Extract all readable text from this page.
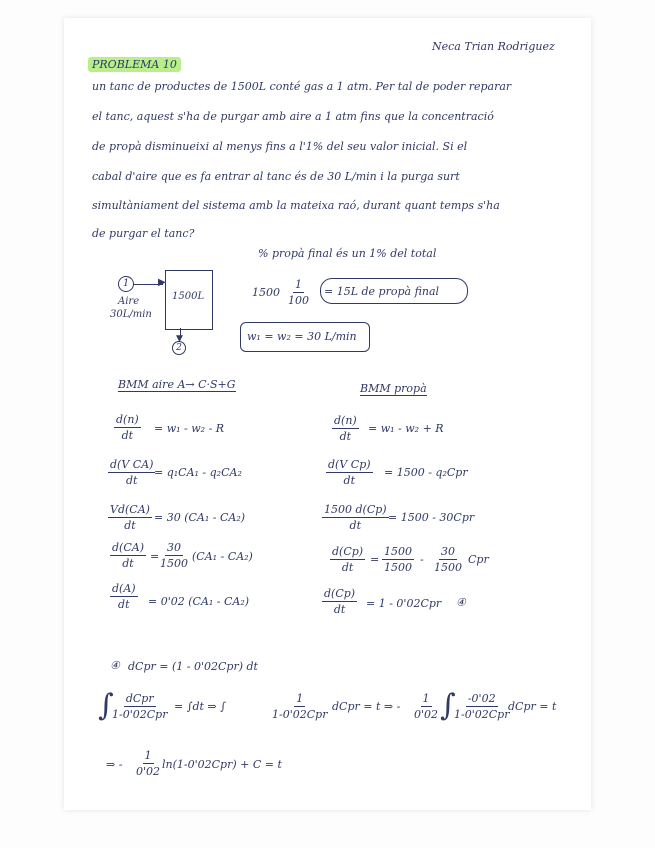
Neca Trian Rodriguez
PROBLEMA 10
un tanc de productes de 1500L conté gas a 1 atm. Per tal de poder reparar
el tanc, aquest s'ha de purgar amb aire a 1 atm fins que la concentració
de propà disminueixi al menys fins a l'1% del seu valor inicial. Si el
cabal d'aire que es fa entrar al tanc és de 30 L/min i la purga surt
simultàniament del sistema amb la mateixa raó, durant quant temps s'ha
de purgar el tanc?
% propà final és un 1% del total
1	▶
Aire
30L/min
1500L
▼
2
$1500 \frac{1}{100} = 15L$ de propà final
w₁ = w₂ = 30 L/min
BMM aire A→ C·S+G
$\frac{d(n)}{dt} = w_1 - w_2 - R$
$\frac{\text{d(V CA)}}{dt}$
= q₁CA₁ - q₂CA₂
$\frac{Vd(CA)}{dt} = 30$ (CA₁ - CA₂)
$\frac{d(CA)}{dt} = \frac{30}{1500} (CA_1 - CA_2)$
$\frac{d(A)}{dt} = 0'02$ (CA₁ - CA₂)
BMM propà
$\frac{d(n)}{dt} = w_1 - w_2 + R$
$\frac{\text{d(V Cp)}}{dt} = 1500 - q_2Cpr$
$\frac{1500 d(Cp)}{dt} = 1500 - 30Cpr$
$\frac{d(Cp)}{dt} = \frac{1500}{1500} - \frac{30}{1500}$ Cpr
$\frac{d(Cp)}{dt} = 1 - 0'02Cpr$ ④
④ dCpr = (1 - 0'02Cpr) dt
∫ dCpr
1-0'02Cpr
= ∫dt ⇒ ∫
1
1-0'02Cpr
dCpr = t ⇒ - $\frac{1}{0'02}$ ∫ -0'02
1-0'02Cpr
dCpr = t
⇒ - $\frac{1}{0'02} \ln(1-0'02Cpr) + C = t$
